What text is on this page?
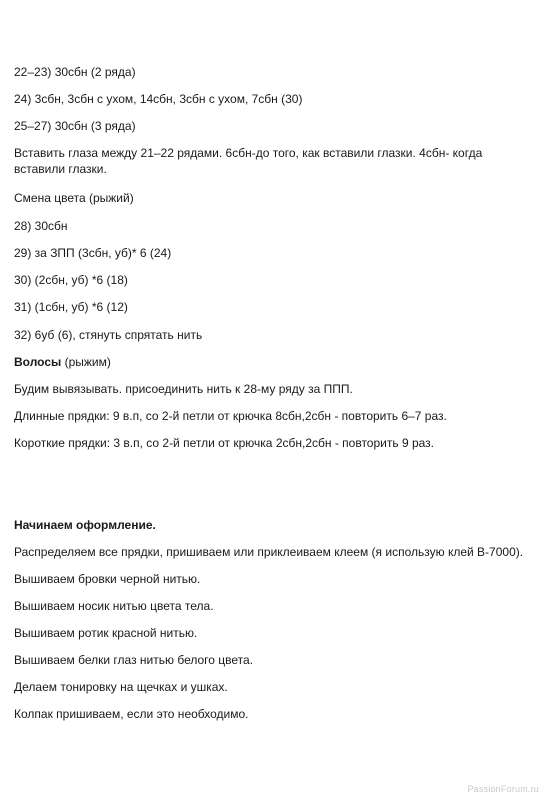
22–23) 30сбн (2 ряда)
24) 3сбн, 3сбн с ухом, 14сбн, 3сбн с ухом, 7сбн (30)
25–27) 30сбн (3 ряда)
Вставить глаза между 21–22 рядами. 6сбн-до того, как вставили глазки. 4сбн- когда вставили глазки.
Смена цвета (рыжий)
28) 30сбн
29) за ЗПП (3сбн, уб)* 6 (24)
30) (2сбн, уб) *6 (18)
31) (1сбн, уб) *6 (12)
32) 6уб (6), стянуть спрятать нить
Волосы (рыжим)
Будим вывязывать. присоединить нить к 28-му ряду за ППП.
Длинные прядки: 9 в.п, со 2-й петли от крючка 8сбн,2сбн - повторить 6–7 раз.
Короткие прядки: 3 в.п, со 2-й петли от крючка 2сбн,2сбн - повторить 9 раз.
Начинаем оформление.
Распределяем все прядки, пришиваем или приклеиваем клеем (я использую клей В-7000).
Вышиваем бровки черной нитью.
Вышиваем носик нитью цвета тела.
Вышиваем ротик красной нитью.
Вышиваем белки глаз нитью белого цвета.
Делаем тонировку на щечках и ушках.
Колпак пришиваем, если это необходимо.
PassionForum.ru
